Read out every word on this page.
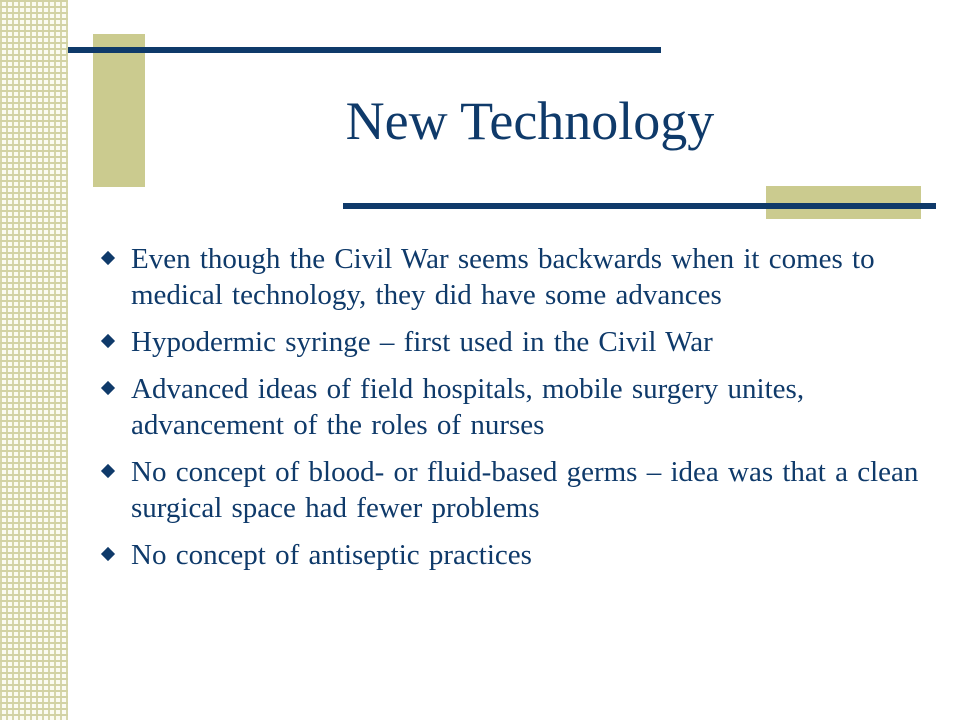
New Technology
Even though the Civil War seems backwards when it comes to medical technology, they did have some advances
Hypodermic syringe – first used in the Civil War
Advanced ideas of field hospitals, mobile surgery unites, advancement of the roles of nurses
No concept of blood- or fluid-based germs – idea was that a clean surgical space had fewer problems
No concept of antiseptic practices
